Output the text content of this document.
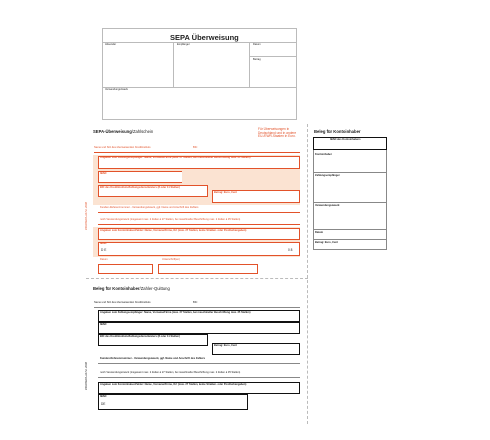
SEPA Überweisung
Absender	Empfänger	Datum
Betrag
Verwendungszweck
SEPA-Überweisung/Zahlschein	Für Überweisungen in Deutschland und in andere EU-/EWR-Staaten in Euro.
Name und Sitz des überweisenden Kreditinstituts	BIC
Angaben zum Zahlungsempfänger: Name, Vorname/Firma (max. 27 Stellen, bei maschineller Beschriftung max. 35 Stellen)
IBAN
BIC des Kreditinstituts/Zahlungsdienstleisters (8 oder 11 Stellen)
Betrag: Euro, Cent
Kunden-Referenznummer - Verwendungszweck, ggf. Name und Anschrift des Zahlers
noch Verwendungszweck (insgesamt max. 2 Zeilen à 27 Stellen, bei maschineller Beschriftung max. 2 Zeilen à 35 Stellen)
Angaben zum Kontoinhaber/Zahler: Name, Vorname/Firma, Ort (max. 27 Stellen, keine Straßen- oder Postfachangaben)
IBAN
D E	0 8
Z402/SEPA-Ab Nr. 2038
Datum	Unterschrift(en)
Beleg für Kontoinhaber
IBAN des Kontoinhabers
Kontoinhaber
Zahlungsempfänger
Verwendungszweck
Datum
Betrag: Euro, Cent
Beleg für Kontoinhaber/Zahler-Quittung
Name und Sitz des überweisenden Kreditinstituts	BIC
Angaben zum Zahlungsempfänger: Name, Vorname/Firma (max. 27 Stellen, bei maschineller Beschriftung max. 35 Stellen)
IBAN
BIC des Kreditinstituts/Zahlungsdienstleisters (8 oder 11 Stellen)
Betrag: Euro, Cent
Kunden-Referenznummer - Verwendungszweck, ggf. Name und Anschrift des Zahlers
noch Verwendungszweck (insgesamt max. 2 Zeilen à 27 Stellen, bei maschineller Beschriftung max. 2 Zeilen à 35 Stellen)
Angaben zum Kontoinhaber/Zahler: Name, Vorname/Firma, Ort (max. 27 Stellen, keine Straßen- oder Postfachangaben)
IBAN
DE
Z402/SEPA-Ab Nr. 2038
